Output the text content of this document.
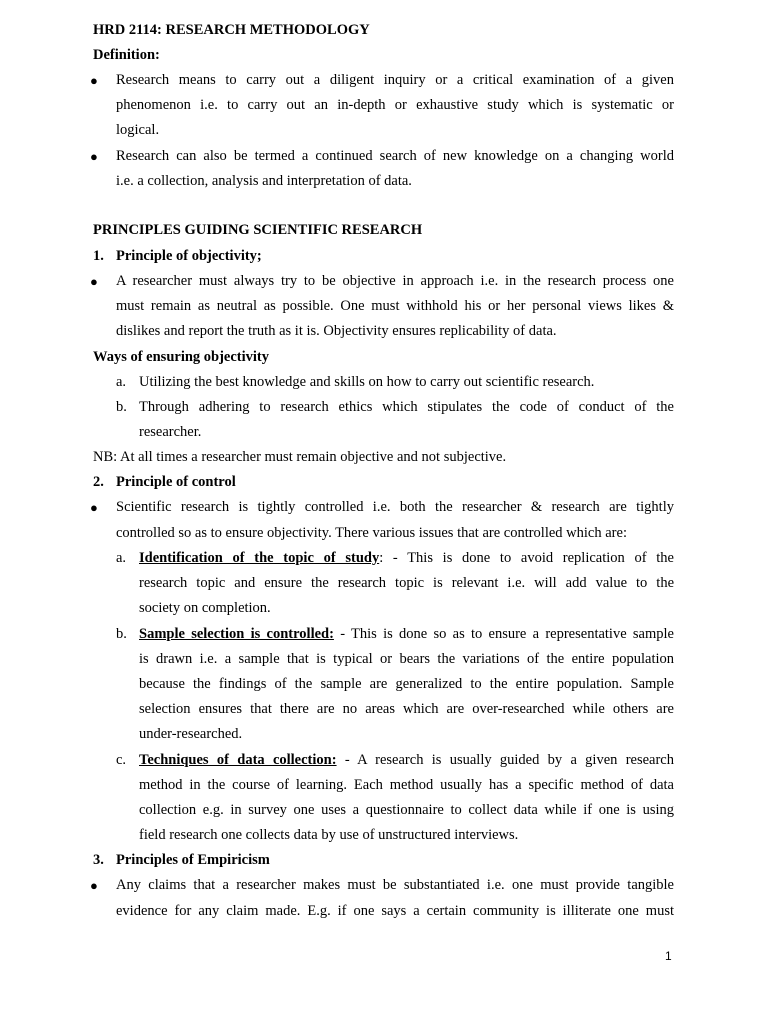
HRD 2114: RESEARCH METHODOLOGY
Definition:
● Research means to carry out a diligent inquiry or a critical examination of a given
phenomenon i.e. to carry out an in-depth or exhaustive study which is systematic or
logical.
● Research can also be termed a continued search of new knowledge on a changing world
i.e. a collection, analysis and interpretation of data.
PRINCIPLES GUIDING SCIENTIFIC RESEARCH
1. Principle of objectivity;
● A researcher must always try to be objective in approach i.e. in the research process one
must remain as neutral as possible. One must withhold his or her personal views likes &
dislikes and report the truth as it is. Objectivity ensures replicability of data.
Ways of ensuring objectivity
a. Utilizing the best knowledge and skills on how to carry out scientific research.
b. Through adhering to research ethics which stipulates the code of conduct of the
researcher.
NB: At all times a researcher must remain objective and not subjective.
2. Principle of control
● Scientific research is tightly controlled i.e. both the researcher & research are tightly
controlled so as to ensure objectivity. There various issues that are controlled which are:
a. Identification of the topic of study: - This is done to avoid replication of the
research topic and ensure the research topic is relevant i.e. will add value to the
society on completion.
b. Sample selection is controlled: - This is done so as to ensure a representative sample
is drawn i.e. a sample that is typical or bears the variations of the entire population
because the findings of the sample are generalized to the entire population. Sample
selection ensures that there are no areas which are over-researched while others are
under-researched.
c. Techniques of data collection: - A research is usually guided by a given research
method in the course of learning. Each method usually has a specific method of data
collection e.g. in survey one uses a questionnaire to collect data while if one is using
field research one collects data by use of unstructured interviews.
3. Principles of Empiricism
● Any claims that a researcher makes must be substantiated i.e. one must provide tangible
evidence for any claim made. E.g. if one says a certain community is illiterate one must
1
